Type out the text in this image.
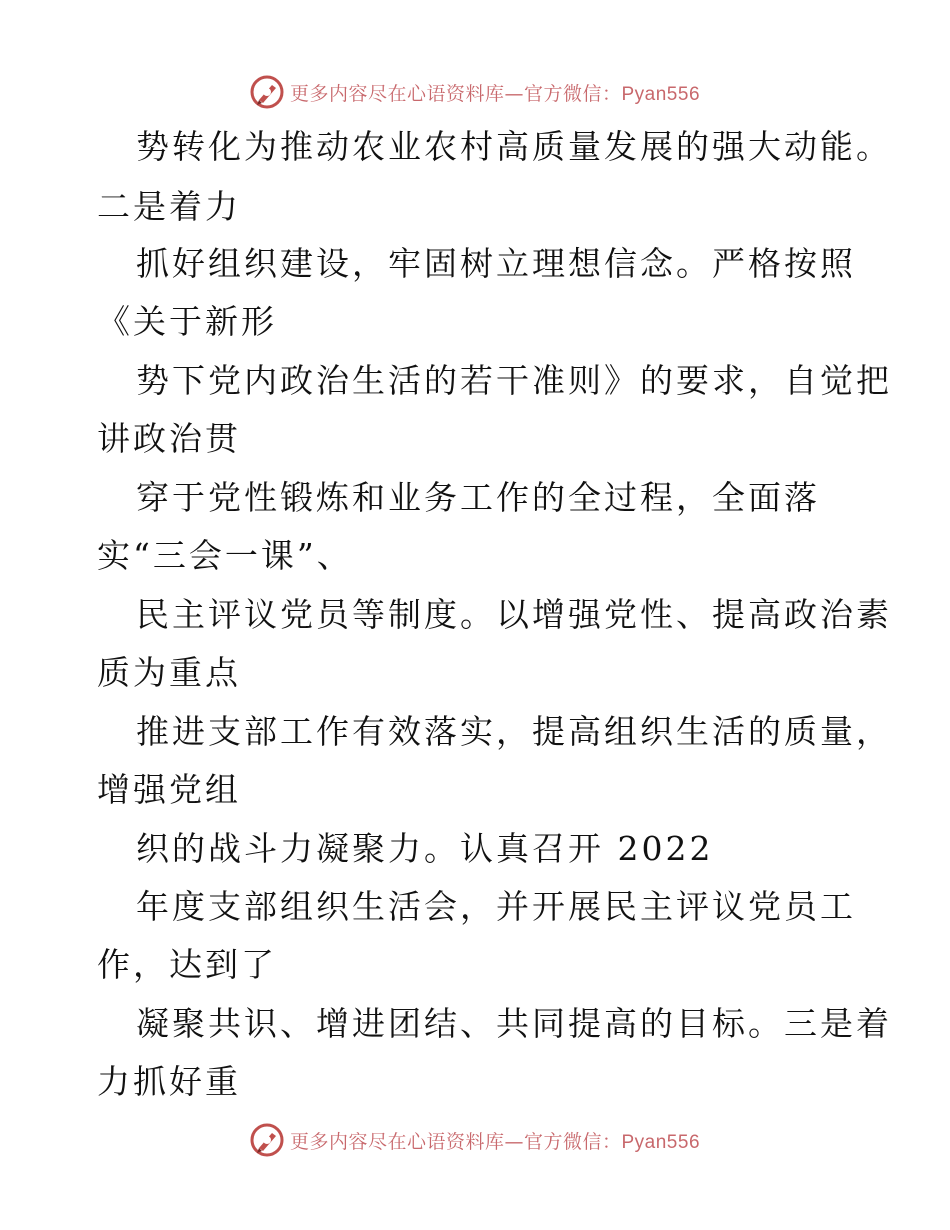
更多内容尽在心语资料库—官方微信：Pyan556
势转化为推动农业农村高质量发展的强大动能。
二是着力
抓好组织建设，牢固树立理想信念。严格按照
《关于新形
势下党内政治生活的若干准则》的要求，自觉把
讲政治贯
穿于党性锻炼和业务工作的全过程，全面落
实“三会一课”、
民主评议党员等制度。以增强党性、提高政治素
质为重点
推进支部工作有效落实，提高组织生活的质量，
增强党组
织的战斗力凝聚力。认真召开 2022
年度支部组织生活会，并开展民主评议党员工
作，达到了
凝聚共识、增进团结、共同提高的目标。三是着
力抓好重
更多内容尽在心语资料库—官方微信：Pyan556
